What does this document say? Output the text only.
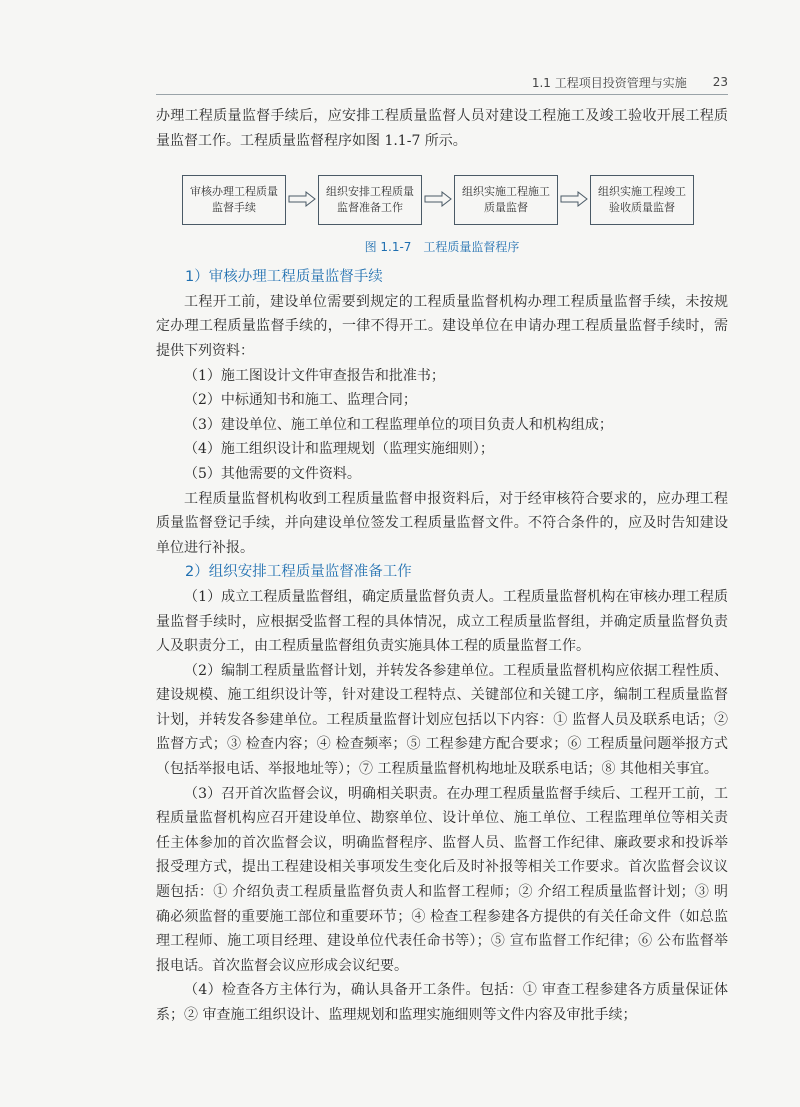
1.1 工程项目投资管理与实施 23

办理工程质量监督手续后，应安排工程质量监督人员对建设工程施工及竣工验收开展工程质量监督工作。工程质量监督程序如图 1.1-7 所示。

审核办理工程质量监督手续
组织安排工程质量监督准备工作
组织实施工程施工质量监督
组织实施工程竣工验收质量监督
图 1.1-7　工程质量监督程序
1）审核办理工程质量监督手续

工程开工前，建设单位需要到规定的工程质量监督机构办理工程质量监督手续，未按规定办理工程质量监督手续的，一律不得开工。建设单位在申请办理工程质量监督手续时，需提供下列资料：

（1）施工图设计文件审查报告和批准书；

（2）中标通知书和施工、监理合同；

（3）建设单位、施工单位和工程监理单位的项目负责人和机构组成；

（4）施工组织设计和监理规划（监理实施细则）；

（5）其他需要的文件资料。

工程质量监督机构收到工程质量监督申报资料后，对于经审核符合要求的，应办理工程质量监督登记手续，并向建设单位签发工程质量监督文件。不符合条件的，应及时告知建设单位进行补报。

2）组织安排工程质量监督准备工作

（1）成立工程质量监督组，确定质量监督负责人。工程质量监督机构在审核办理工程质量监督手续时，应根据受监督工程的具体情况，成立工程质量监督组，并确定质量监督负责人及职责分工，由工程质量监督组负责实施具体工程的质量监督工作。

（2）编制工程质量监督计划，并转发各参建单位。工程质量监督机构应依据工程性质、建设规模、施工组织设计等，针对建设工程特点、关键部位和关键工序，编制工程质量监督计划，并转发各参建单位。工程质量监督计划应包括以下内容：① 监督人员及联系电话；② 监督方式；③ 检查内容；④ 检查频率；⑤ 工程参建方配合要求；⑥ 工程质量问题举报方式（包括举报电话、举报地址等）；⑦ 工程质量监督机构地址及联系电话；⑧ 其他相关事宜。

（3）召开首次监督会议，明确相关职责。在办理工程质量监督手续后、工程开工前，工程质量监督机构应召开建设单位、勘察单位、设计单位、施工单位、工程监理单位等相关责任主体参加的首次监督会议，明确监督程序、监督人员、监督工作纪律、廉政要求和投诉举报受理方式，提出工程建设相关事项发生变化后及时补报等相关工作要求。首次监督会议议题包括：① 介绍负责工程质量监督负责人和监督工程师；② 介绍工程质量监督计划；③ 明确必须监督的重要施工部位和重要环节；④ 检查工程参建各方提供的有关任命文件（如总监理工程师、施工项目经理、建设单位代表任命书等）；⑤ 宣布监督工作纪律；⑥ 公布监督举报电话。首次监督会议应形成会议纪要。

（4）检查各方主体行为，确认具备开工条件。包括：① 审查工程参建各方质量保证体系；② 审查施工组织设计、监理规划和监理实施细则等文件内容及审批手续；
